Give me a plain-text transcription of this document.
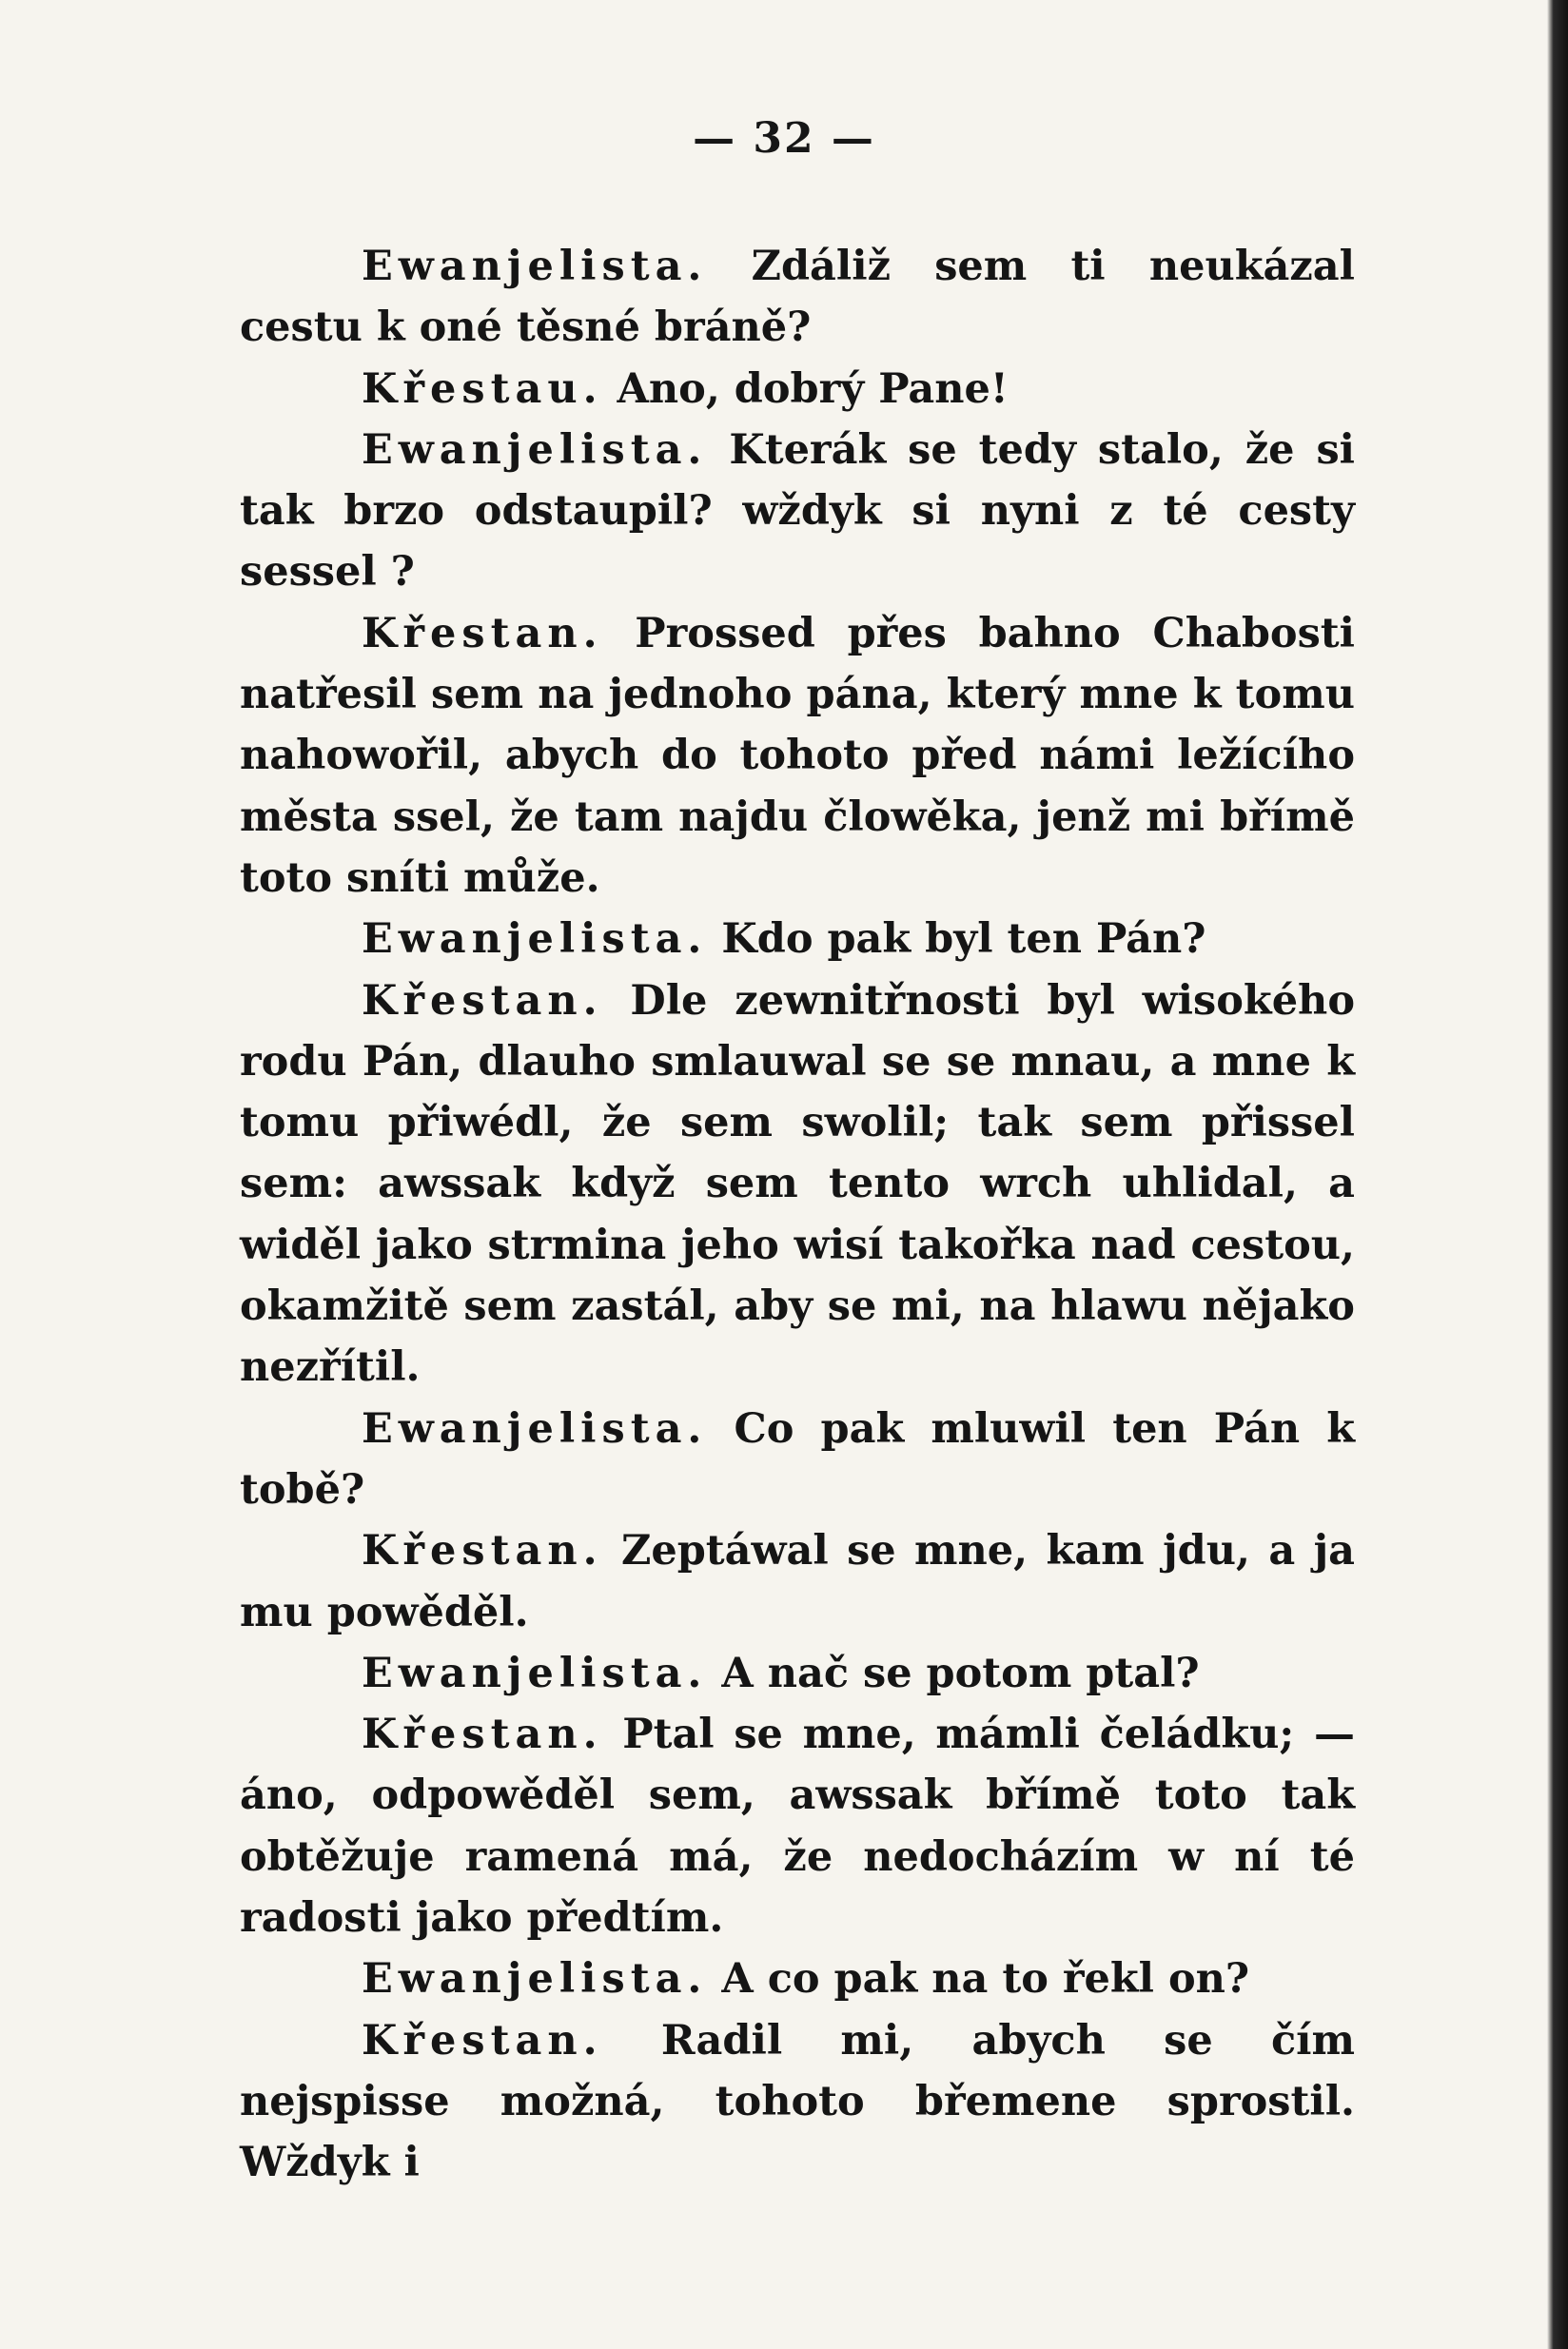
— 32 —

Ewanjelista. Zdáliž sem ti neukázal cestu k oné těsné bráně?

Křestau. Ano, dobrý Pane!

Ewanjelista. Kterák se tedy stalo, že si tak brzo odstaupil? wždyk si nyni z té cesty sessel ?

Křestan. Prossed přes bahno Chabosti natřesil sem na jednoho pána, který mne k tomu nahowořil, abych do tohoto před námi ležícího města ssel, že tam najdu člowěka, jenž mi břímě toto sníti může.

Ewanjelista. Kdo pak byl ten Pán?

Křestan. Dle zewnitřnosti byl wisokého rodu Pán, dlauho smlauwal se se mnau, a mne k tomu přiwédl, že sem swolil; tak sem přissel sem: awssak když sem tento wrch uhlidal, a widěl jako strmina jeho wisí takořka nad cestou, okamžitě sem zastál, aby se mi, na hlawu nějako nezřítil.

Ewanjelista. Co pak mluwil ten Pán k tobě?

Křestan. Zeptáwal se mne, kam jdu, a ja mu powěděl.

Ewanjelista. A nač se potom ptal?

Křestan. Ptal se mne, mámli čeládku; — áno, odpowěděl sem, awssak břímě toto tak obtěžuje ramená má, že nedocházím w ní té radosti jako předtím.

Ewanjelista. A co pak na to řekl on?

Křestan. Radil mi, abych se čím nejspisse možná, tohoto břemene sprostil. Wždyk i
